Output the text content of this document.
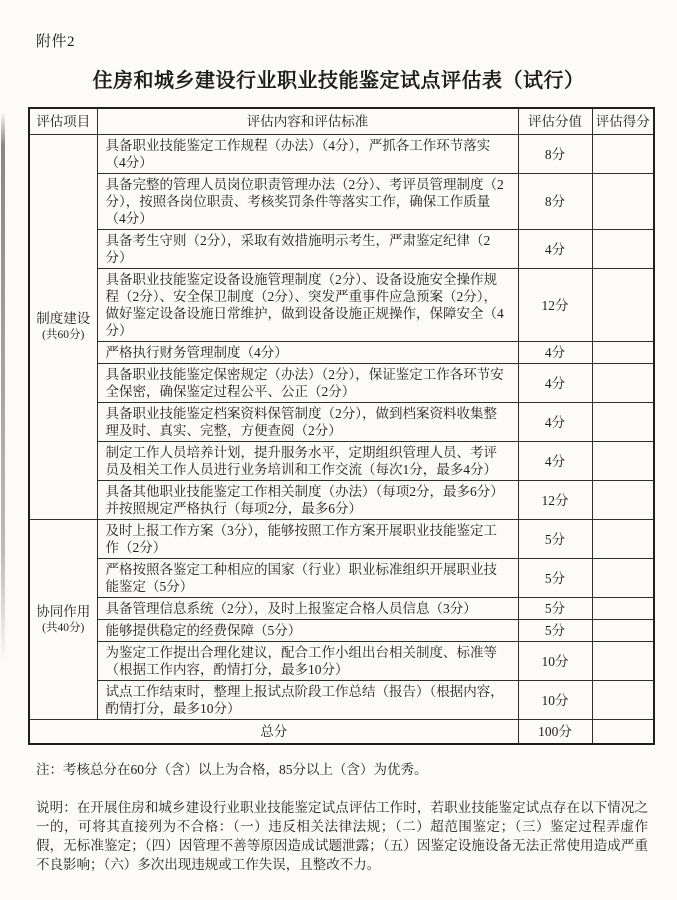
附件2
住房和城乡建设行业职业技能鉴定试点评估表（试行）
评估项目	评估内容和评估标准	评估分值	评估得分

制度建设
(共60分)	具备职业技能鉴定工作规程（办法）（4分），严抓各工作环节落实（4分）	8分	
	具备完整的管理人员岗位职责管理办法（2分）、考评员管理制度（2分），按照各岗位职责、考核奖罚条件等落实工作，确保工作质量（4分）	8分	
	具备考生守则（2分），采取有效措施明示考生，严肃鉴定纪律（2分）	4分	
	具备职业技能鉴定设备设施管理制度（2分）、设备设施安全操作规程（2分）、安全保卫制度（2分）、突发严重事件应急预案（2分），做好鉴定设备设施日常维护，做到设备设施正规操作，保障安全（4分）	12分	
	严格执行财务管理制度（4分）	4分	
	具备职业技能鉴定保密规定（办法）（2分），保证鉴定工作各环节安全保密，确保鉴定过程公平、公正（2分）	4分	
	具备职业技能鉴定档案资料保管制度（2分），做到档案资料收集整理及时、真实、完整，方便查阅（2分）	4分	
	制定工作人员培养计划，提升服务水平，定期组织管理人员、考评员及相关工作人员进行业务培训和工作交流（每次1分，最多4分）	4分	
	具备其他职业技能鉴定工作相关制度（办法）（每项2分，最多6分）并按照规定严格执行（每项2分，最多6分）	12分	

协同作用
(共40分)	及时上报工作方案（3分），能够按照工作方案开展职业技能鉴定工作（2分）	5分	
	严格按照各鉴定工种相应的国家（行业）职业标准组织开展职业技能鉴定（5分）	5分	
	具备管理信息系统（2分），及时上报鉴定合格人员信息（3分）	5分	
	能够提供稳定的经费保障（5分）	5分	
	为鉴定工作提出合理化建议，配合工作小组出台相关制度、标准等（根据工作内容，酌情打分，最多10分）	10分	
	试点工作结束时，整理上报试点阶段工作总结（报告）（根据内容，酌情打分，最多10分）	10分	
总分		100分	

注：考核总分在60分（含）以上为合格，85分以上（含）为优秀。

说明：在开展住房和城乡建设行业职业技能鉴定试点评估工作时，若职业技能鉴定试点存在以下情况之一的，可将其直接列为不合格：（一）违反相关法律法规；（二）超范围鉴定；（三）鉴定过程弄虚作假，无标准鉴定；（四）因管理不善等原因造成试题泄露；（五）因鉴定设施设备无法正常使用造成严重不良影响；（六）多次出现违规或工作失误，且整改不力。
